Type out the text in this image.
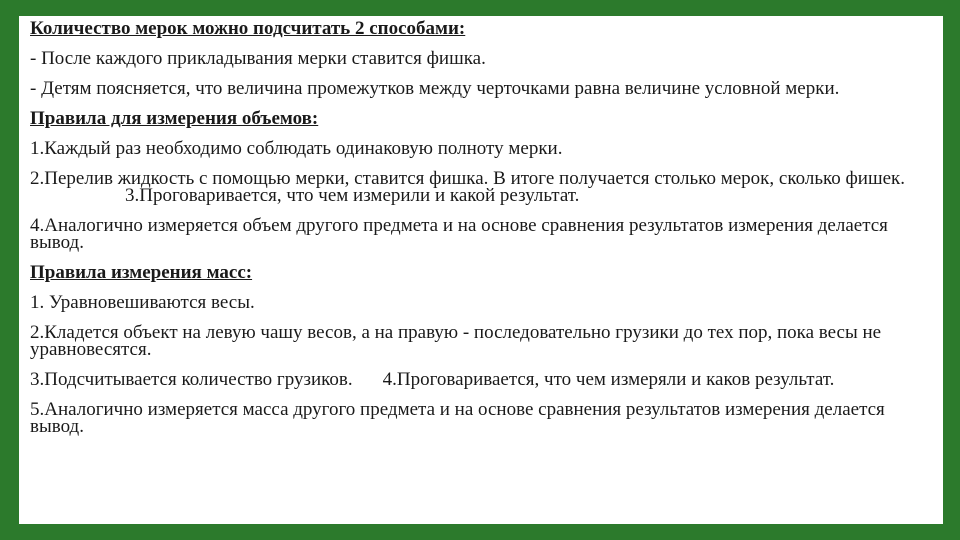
Количество мерок можно подсчитать 2 способами:
- После каждого прикладывания мерки ставится фишка.
- Детям поясняется, что величина промежутков между черточками равна величине условной мерки.
Правила для измерения объемов:
1.Каждый раз необходимо соблюдать одинаковую полноту мерки.
2.Перелив жидкость с помощью мерки, ставится фишка. В итоге получается столько мерок, сколько фишек.3.Проговаривается, что чем измерили и какой результат.
4.Аналогично измеряется объем другого предмета и на основе сравнения результатов измерения делается вывод.
Правила измерения масс:
1. Уравновешиваются весы.
2.Кладется объект на левую чашу весов, а на правую - последовательно грузики до тех пор, пока весы не уравновесятся.
3.Подсчитывается количество грузиков. 4.Проговаривается, что чем измеряли и каков результат.
5.Аналогично измеряется масса другого предмета и на основе сравнения результатов измерения делается вывод.
